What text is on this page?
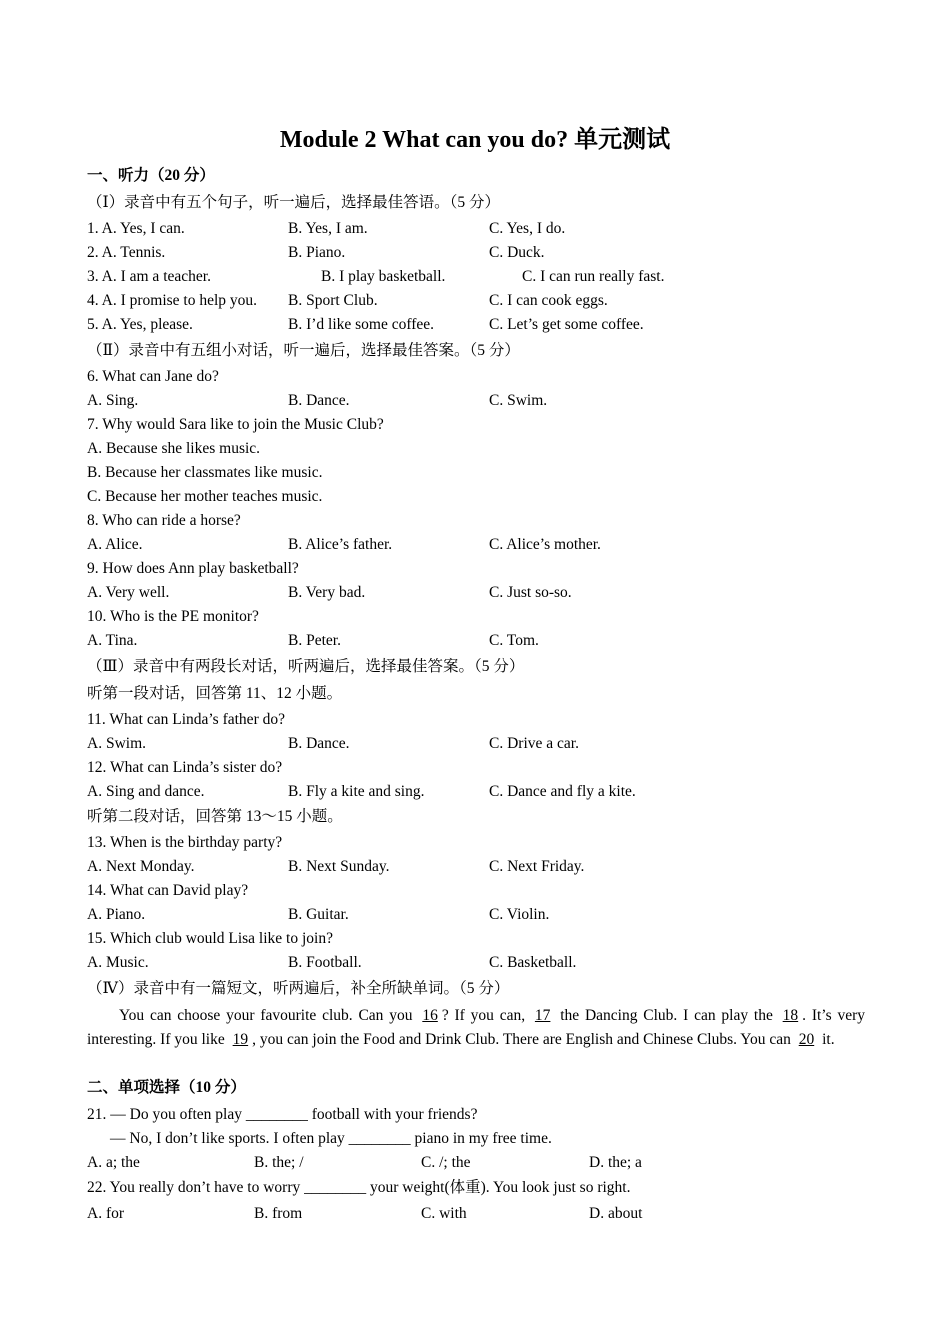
Module 2 What can you do? 单元测试
一、听力（20 分）
（Ⅰ）录音中有五个句子，听一遍后，选择最佳答语。（5 分）
1. A. Yes, I can.	B. Yes, I am.	C. Yes, I do.
2. A. Tennis.	B. Piano.	C. Duck.
3. A. I am a teacher.	B. I play basketball.	C. I can run really fast.
4. A. I promise to help you. B. Sport Club.	C. I can cook eggs.
5. A. Yes, please.	B. I’d like some coffee.	C. Let’s get some coffee.
（Ⅱ）录音中有五组小对话，听一遍后，选择最佳答案。（5 分）
6. What can Jane do?
A. Sing.	B. Dance.	C. Swim.
7. Why would Sara like to join the Music Club?
A. Because she likes music.
B. Because her classmates like music.
C. Because her mother teaches music.
8. Who can ride a horse?
A. Alice.	B. Alice’s father.	C. Alice’s mother.
9. How does Ann play basketball?
A. Very well.	B. Very bad.	C. Just so-so.
10. Who is the PE monitor?
A. Tina.	B. Peter.	C. Tom.
（Ⅲ）录音中有两段长对话，听两遍后，选择最佳答案。（5 分）
听第一段对话，回答第 11、12 小题。
11. What can Linda’s father do?
A. Swim.	B. Dance.	C. Drive a car.
12. What can Linda’s sister do?
A. Sing and dance.	B. Fly a kite and sing.	C. Dance and fly a kite.
听第二段对话，回答第 13～15 小题。
13. When is the birthday party?
A. Next Monday.	B. Next Sunday.	C. Next Friday.
14. What can David play?
A. Piano.	B. Guitar.	C. Violin.
15. Which club would Lisa like to join?
A. Music.	B. Football.	C. Basketball.
（Ⅳ）录音中有一篇短文，听两遍后，补全所缺单词。（5 分）
You can choose your favourite club. Can you 16 ? If you can, 17 the Dancing Club. I can play the 18 . It’s very interesting. If you like 19 , you can join the Food and Drink Club. There are English and Chinese Clubs. You can 20 it.
二、单项选择（10 分）
21. — Do you often play ________ football with your friends?
— No, I don’t like sports. I often play ________ piano in my free time.
A. a; the	B. the; /	C. /; the	D. the; a
22. You really don’t have to worry ________ your weight(体重). You look just so right.
A. for	B. from	C. with	D. about
